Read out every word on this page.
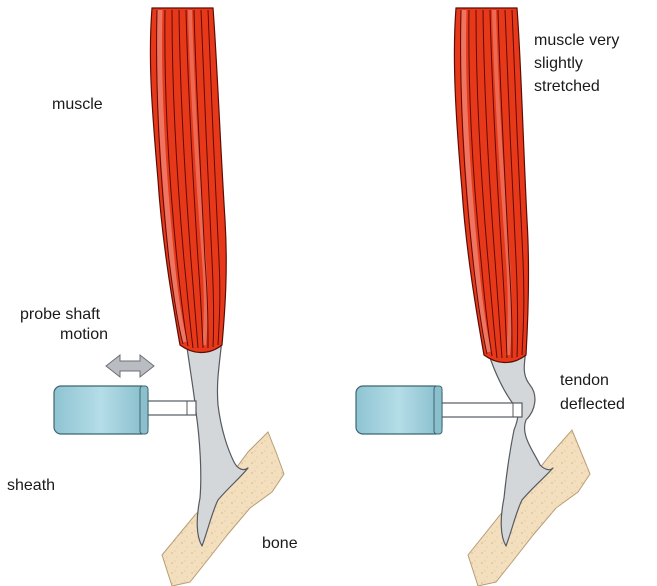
muscle
probe shaft
motion
sheath
bone
muscle very
slightly
stretched
tendon
deflected
